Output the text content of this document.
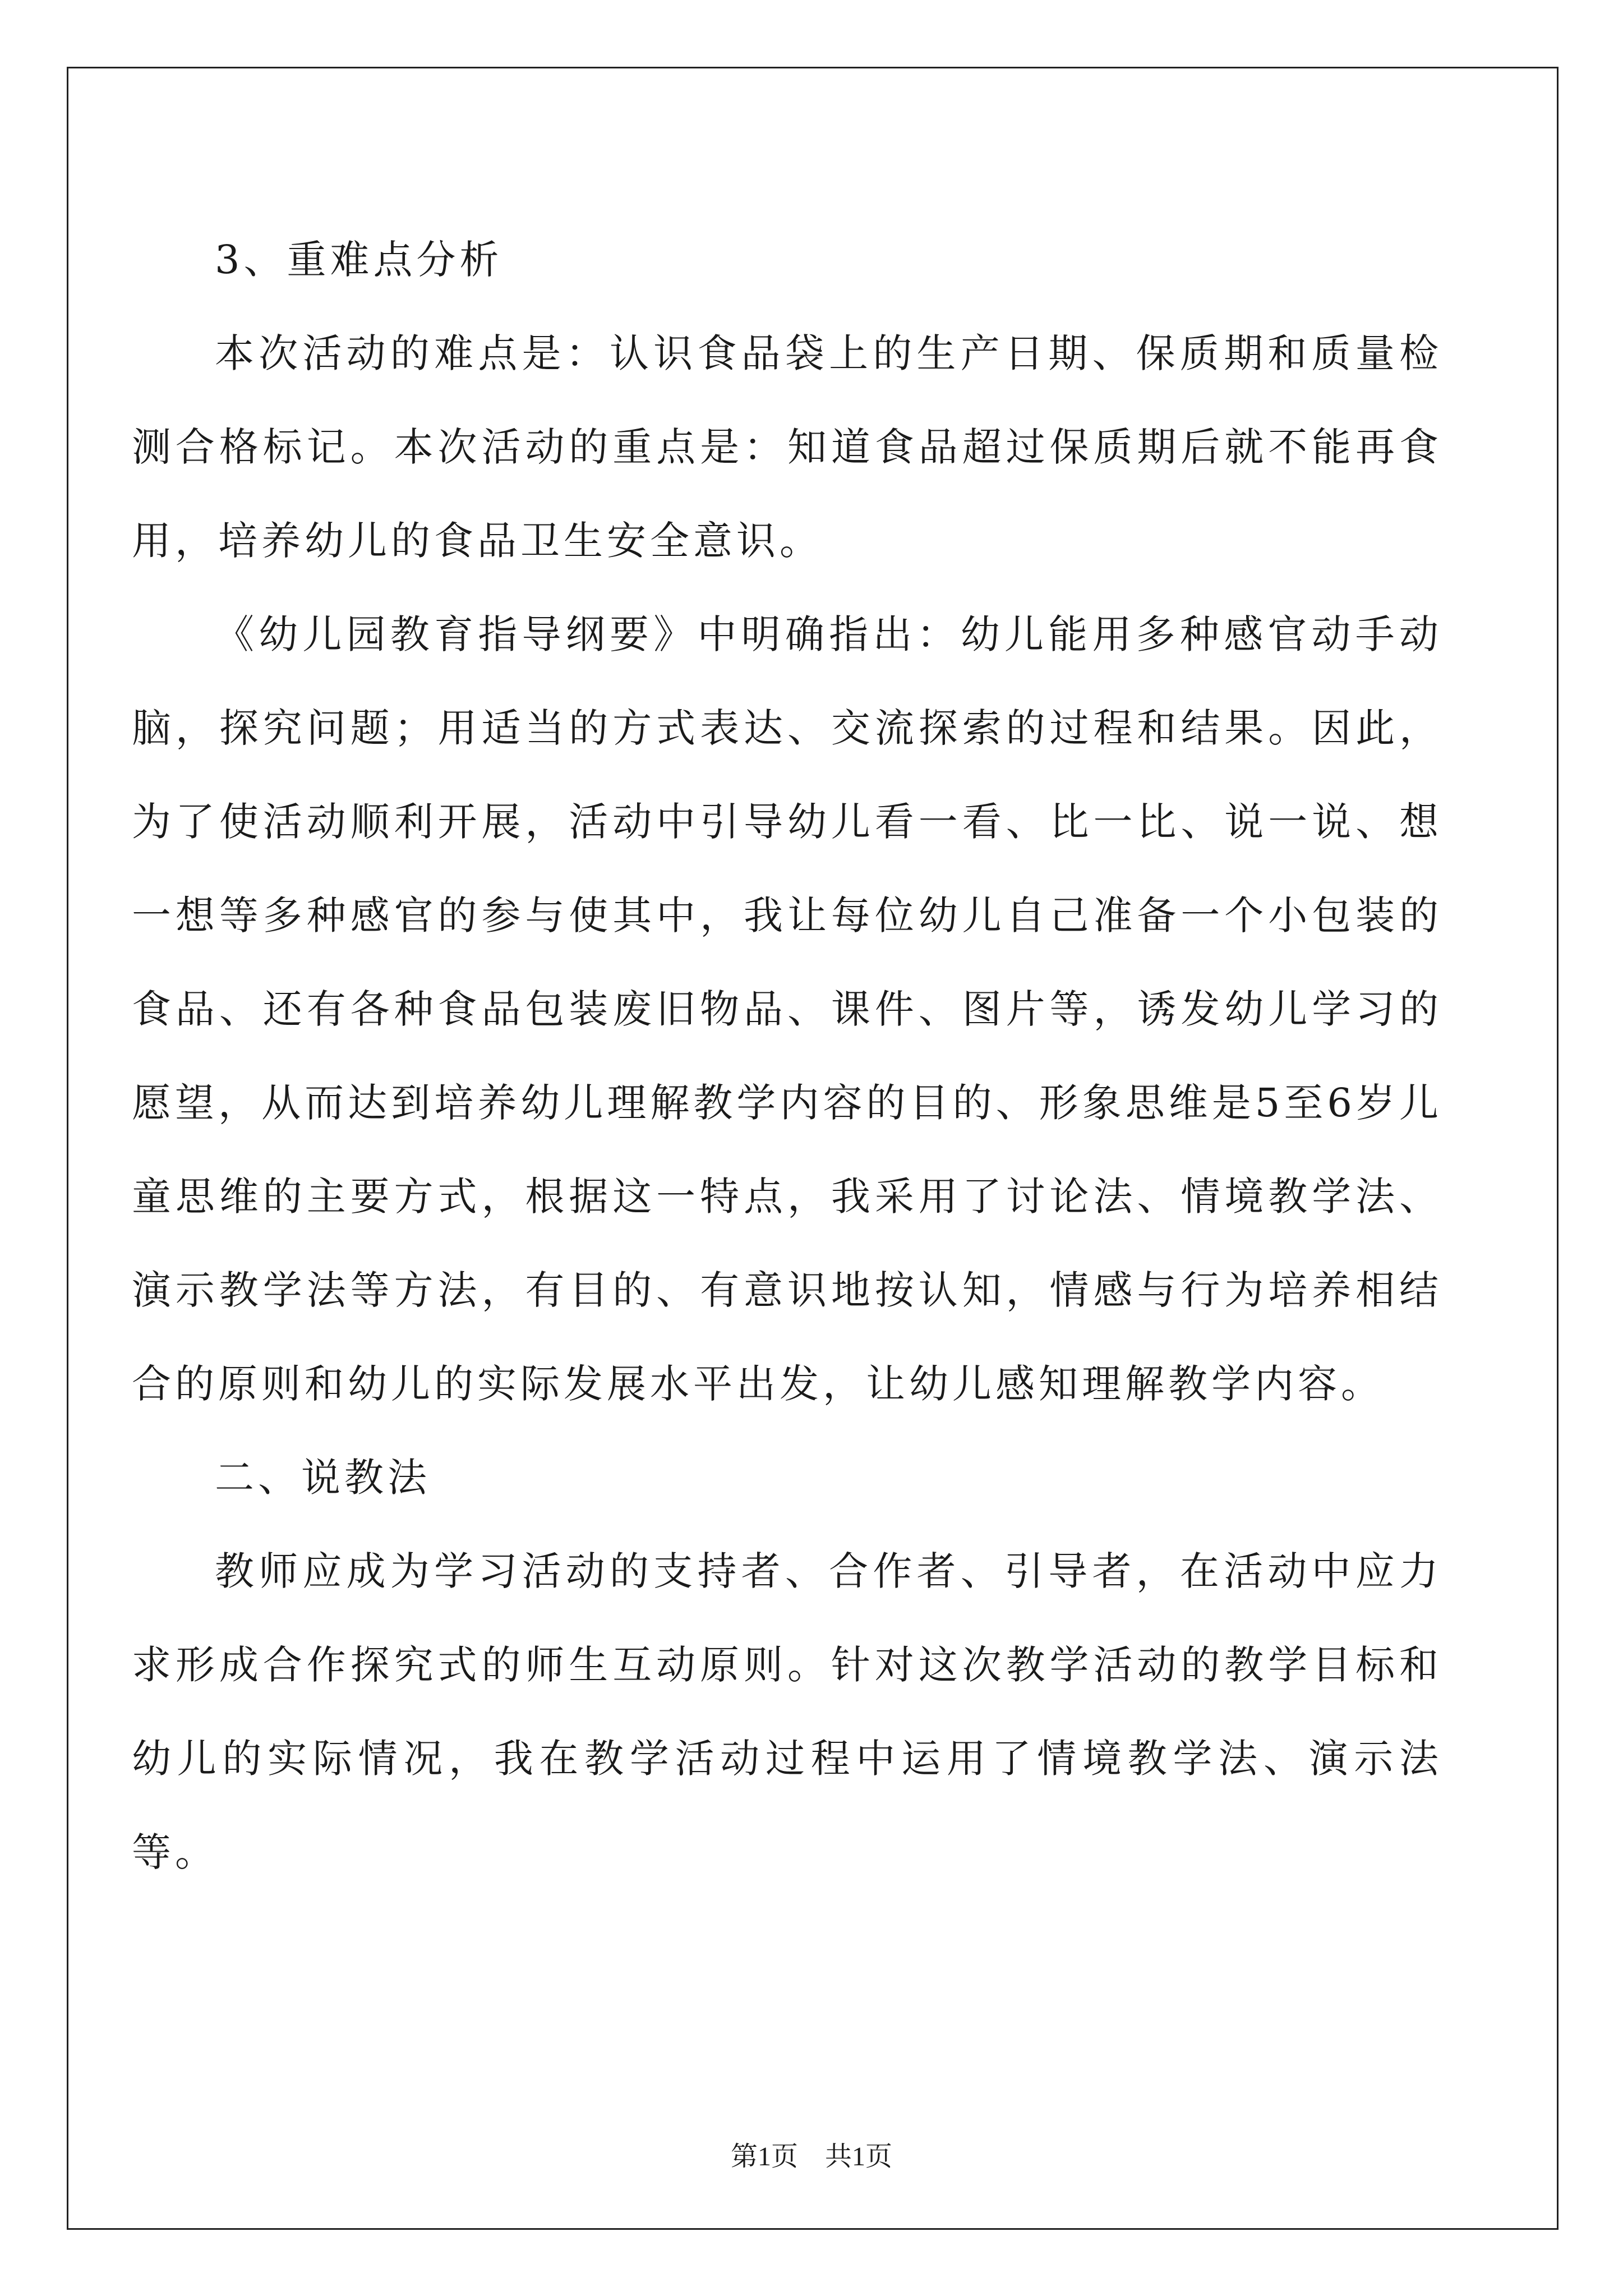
3、重难点分析

本次活动的难点是：认识食品袋上的生产日期、保质期和质量检测合格标记。本次活动的重点是：知道食品超过保质期后就不能再食用，培养幼儿的食品卫生安全意识。

《幼儿园教育指导纲要》中明确指出：幼儿能用多种感官动手动脑，探究问题；用适当的方式表达、交流探索的过程和结果。因此，为了使活动顺利开展，活动中引导幼儿看一看、比一比、说一说、想一想等多种感官的参与使其中，我让每位幼儿自己准备一个小包装的食品、还有各种食品包装废旧物品、课件、图片等，诱发幼儿学习的愿望，从而达到培养幼儿理解教学内容的目的、形象思维是5至6岁儿童思维的主要方式，根据这一特点，我采用了讨论法、情境教学法、演示教学法等方法，有目的、有意识地按认知，情感与行为培养相结合的原则和幼儿的实际发展水平出发，让幼儿感知理解教学内容。

二、说教法

教师应成为学习活动的支持者、合作者、引导者，在活动中应力求形成合作探究式的师生互动原则。针对这次教学活动的教学目标和幼儿的实际情况，我在教学活动过程中运用了情境教学法、演示法等。

第1页　共1页
